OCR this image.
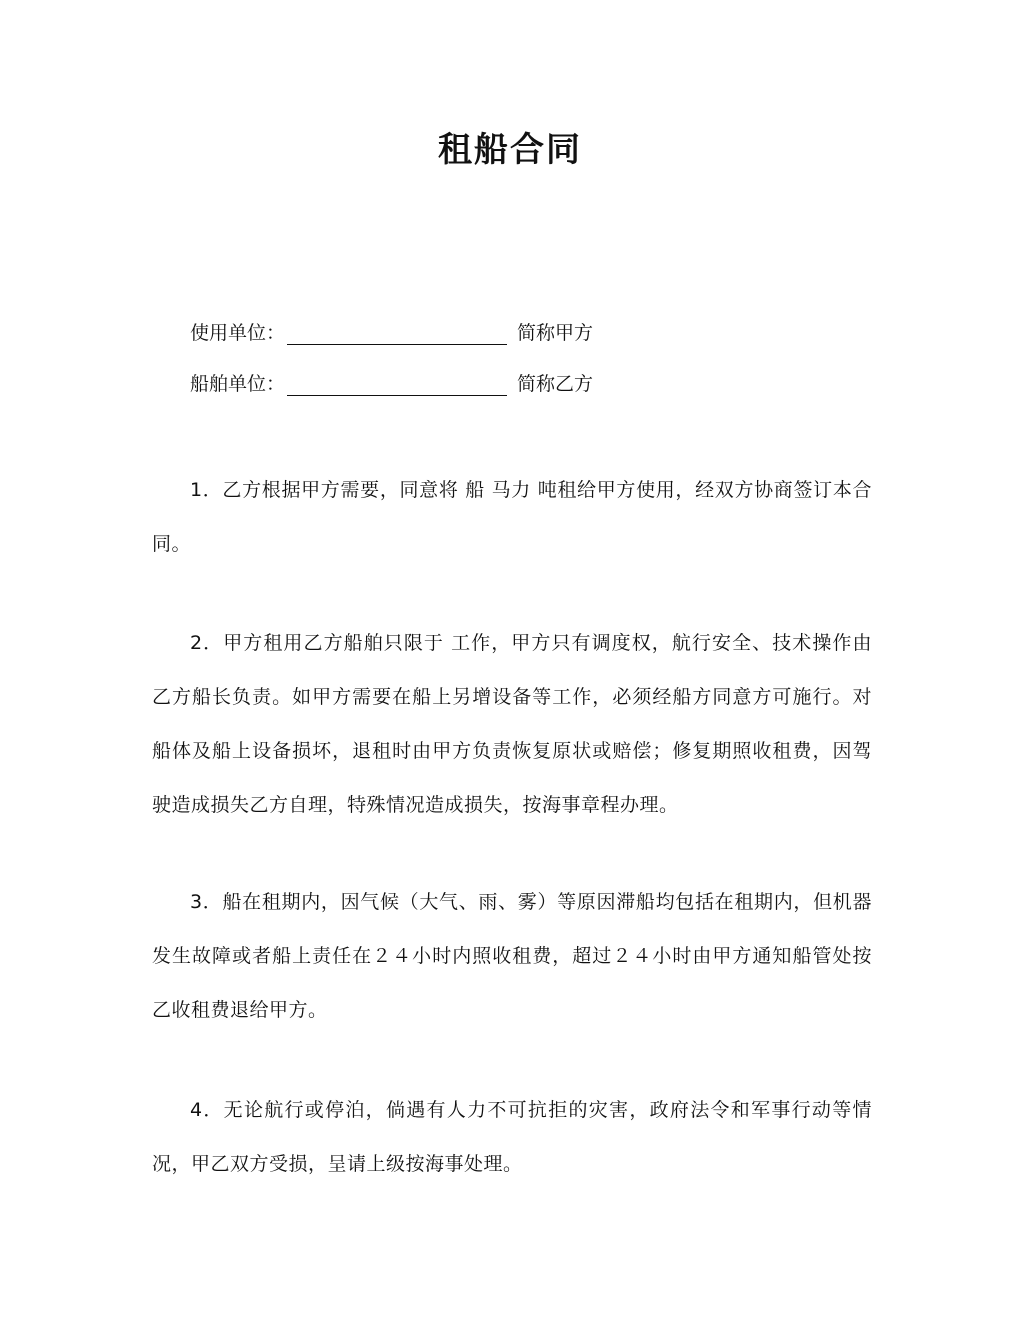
租船合同
使用单位：	简称甲方
船舶单位：	简称乙方

1．乙方根据甲方需要，同意将 船 马力 吨租给甲方使用，经双方协商签订本合同。

2．甲方租用乙方船舶只限于 工作，甲方只有调度权，航行安全、技术操作由乙方船长负责。如甲方需要在船上另增设备等工作，必须经船方同意方可施行。对船体及船上设备损坏，退租时由甲方负责恢复原状或赔偿；修复期照收租费，因驾驶造成损失乙方自理，特殊情况造成损失，按海事章程办理。

3．船在租期内，因气候（大气、雨、雾）等原因滞船均包括在租期内，但机器发生故障或者船上责任在２４小时内照收租费，超过２４小时由甲方通知船管处按乙收租费退给甲方。

4．无论航行或停泊，倘遇有人力不可抗拒的灾害，政府法令和军事行动等情况，甲乙双方受损，呈请上级按海事处理。
